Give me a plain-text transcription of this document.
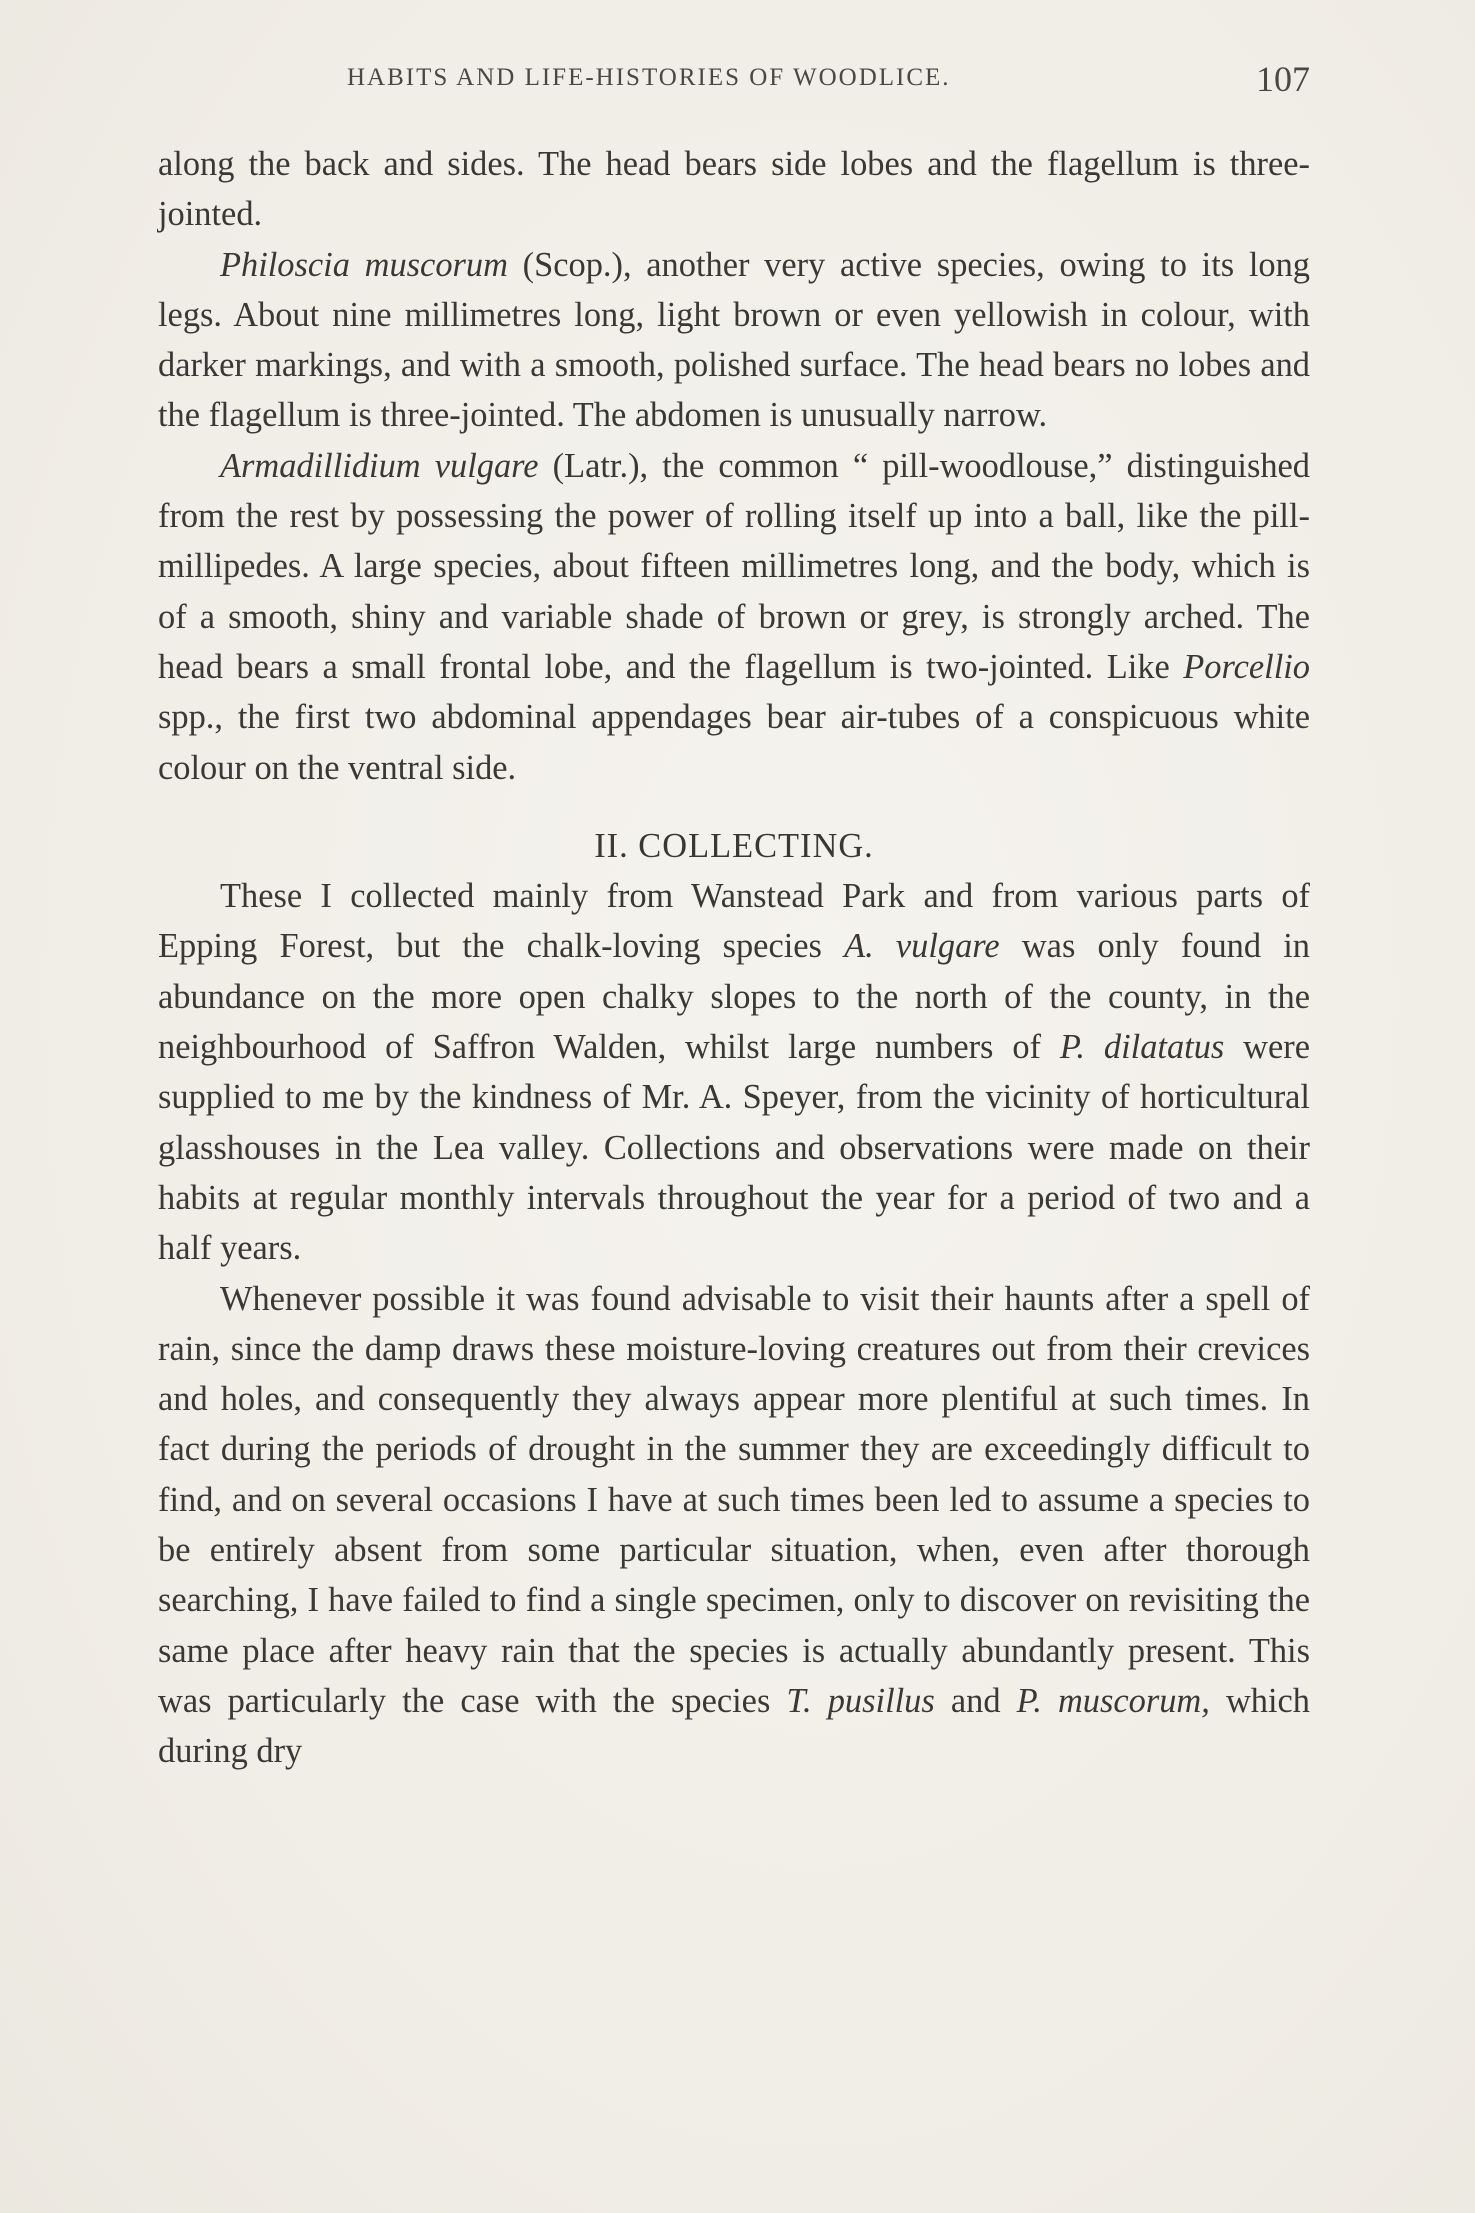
HABITS AND LIFE-HISTORIES OF WOODLICE.	107

along the back and sides. The head bears side lobes and the flagellum is three-jointed.

Philoscia muscorum (Scop.), another very active species, owing to its long legs. About nine millimetres long, light brown or even yellowish in colour, with darker markings, and with a smooth, polished surface. The head bears no lobes and the flagellum is three-jointed. The abdomen is unusually narrow.

Armadillidium vulgare (Latr.), the common “ pill-woodlouse,” distinguished from the rest by possessing the power of rolling itself up into a ball, like the pill-millipedes. A large species, about fifteen millimetres long, and the body, which is of a smooth, shiny and variable shade of brown or grey, is strongly arched. The head bears a small frontal lobe, and the flagellum is two-jointed. Like Porcellio spp., the first two abdominal appendages bear air-tubes of a conspicuous white colour on the ventral side.

II. COLLECTING.

These I collected mainly from Wanstead Park and from various parts of Epping Forest, but the chalk-loving species A. vulgare was only found in abundance on the more open chalky slopes to the north of the county, in the neighbourhood of Saffron Walden, whilst large numbers of P. dilatatus were supplied to me by the kindness of Mr. A. Speyer, from the vicinity of horticultural glasshouses in the Lea valley. Collections and observations were made on their habits at regular monthly intervals throughout the year for a period of two and a half years.

Whenever possible it was found advisable to visit their haunts after a spell of rain, since the damp draws these moisture-loving creatures out from their crevices and holes, and consequently they always appear more plentiful at such times. In fact during the periods of drought in the summer they are exceedingly difficult to find, and on several occasions I have at such times been led to assume a species to be entirely absent from some particular situation, when, even after thorough searching, I have failed to find a single specimen, only to discover on revisiting the same place after heavy rain that the species is actually abundantly present. This was particularly the case with the species T. pusillus and P. muscorum, which during dry
